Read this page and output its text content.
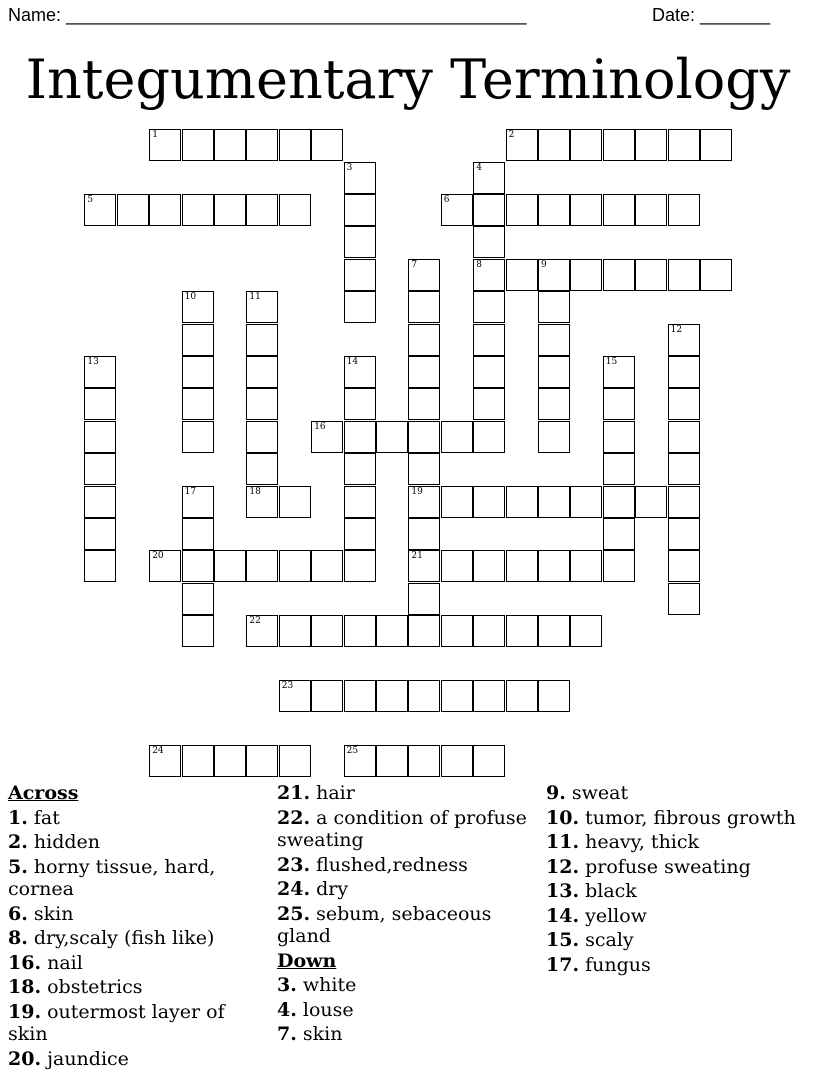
Name: ______________________________________________	Date: _______
Integumentary Terminology
1	2
3	4
8
5	6
7
19
21
9
10	11
18
12
13	14	15
16
17
20
22
23
24	25
Across
1. fat
2. hidden
5. horny tissue, hard, cornea
6. skin
8. dry,scaly (fish like)
16. nail
18. obstetrics
19. outermost layer of skin
20. jaundice
21. hair
22. a condition of profuse sweating
23. flushed,redness
24. dry
25. sebum, sebaceous gland
Down
3. white
4. louse
7. skin
9. sweat
10. tumor, fibrous growth
11. heavy, thick
12. profuse sweating
13. black
14. yellow
15. scaly
17. fungus
